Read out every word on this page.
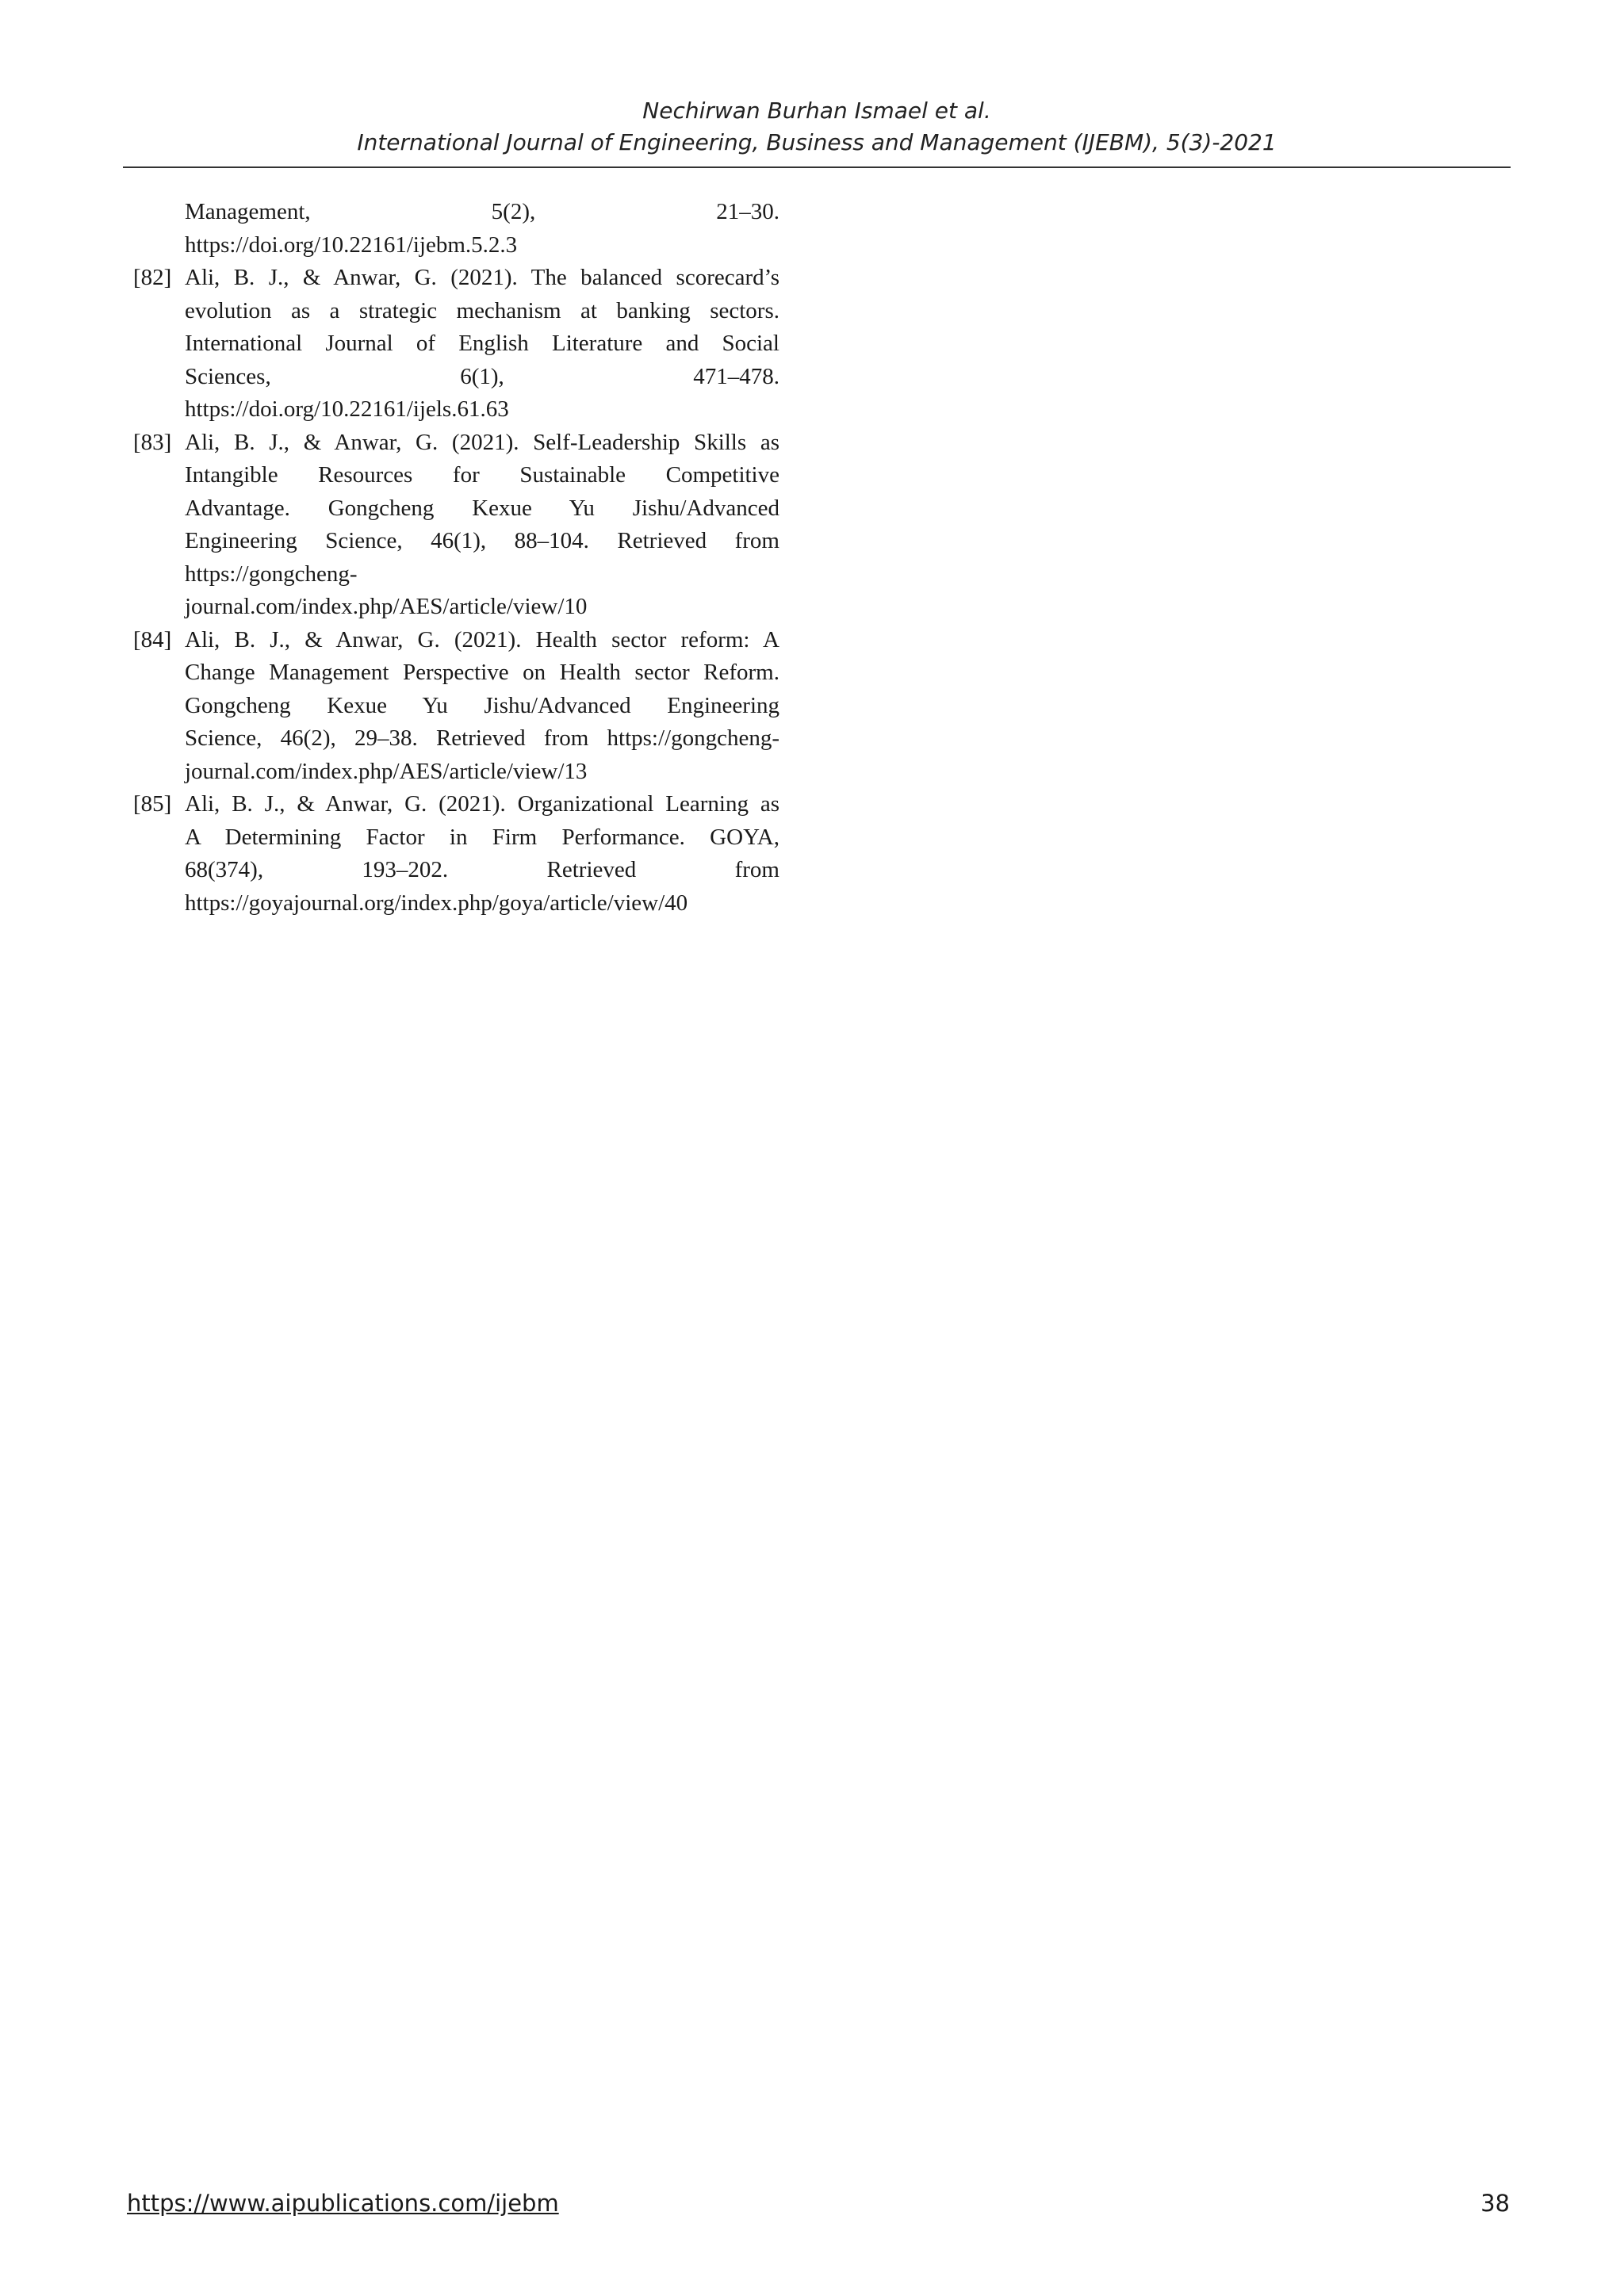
Nechirwan Burhan Ismael et al.
International Journal of Engineering, Business and Management (IJEBM), 5(3)-2021
Management, 5(2), 21–30.
https://doi.org/10.22161/ijebm.5.2.3
[82] Ali, B. J., & Anwar, G. (2021). The balanced scorecard’s
evolution as a strategic mechanism at banking sectors.
International Journal of English Literature and Social
Sciences, 6(1), 471–478.
https://doi.org/10.22161/ijels.61.63
[83] Ali, B. J., & Anwar, G. (2021). Self-Leadership Skills as
Intangible Resources for Sustainable Competitive
Advantage. Gongcheng Kexue Yu Jishu/Advanced
Engineering Science, 46(1), 88–104. Retrieved from
https://gongcheng-
journal.com/index.php/AES/article/view/10
[84] Ali, B. J., & Anwar, G. (2021). Health sector reform: A
Change Management Perspective on Health sector Reform.
Gongcheng Kexue Yu Jishu/Advanced Engineering
Science, 46(2), 29–38. Retrieved from https://gongcheng-
journal.com/index.php/AES/article/view/13
[85] Ali, B. J., & Anwar, G. (2021). Organizational Learning as
A Determining Factor in Firm Performance. GOYA,
68(374), 193–202. Retrieved from
https://goyajournal.org/index.php/goya/article/view/40
https://www.aipublications.com/ijebm	38
